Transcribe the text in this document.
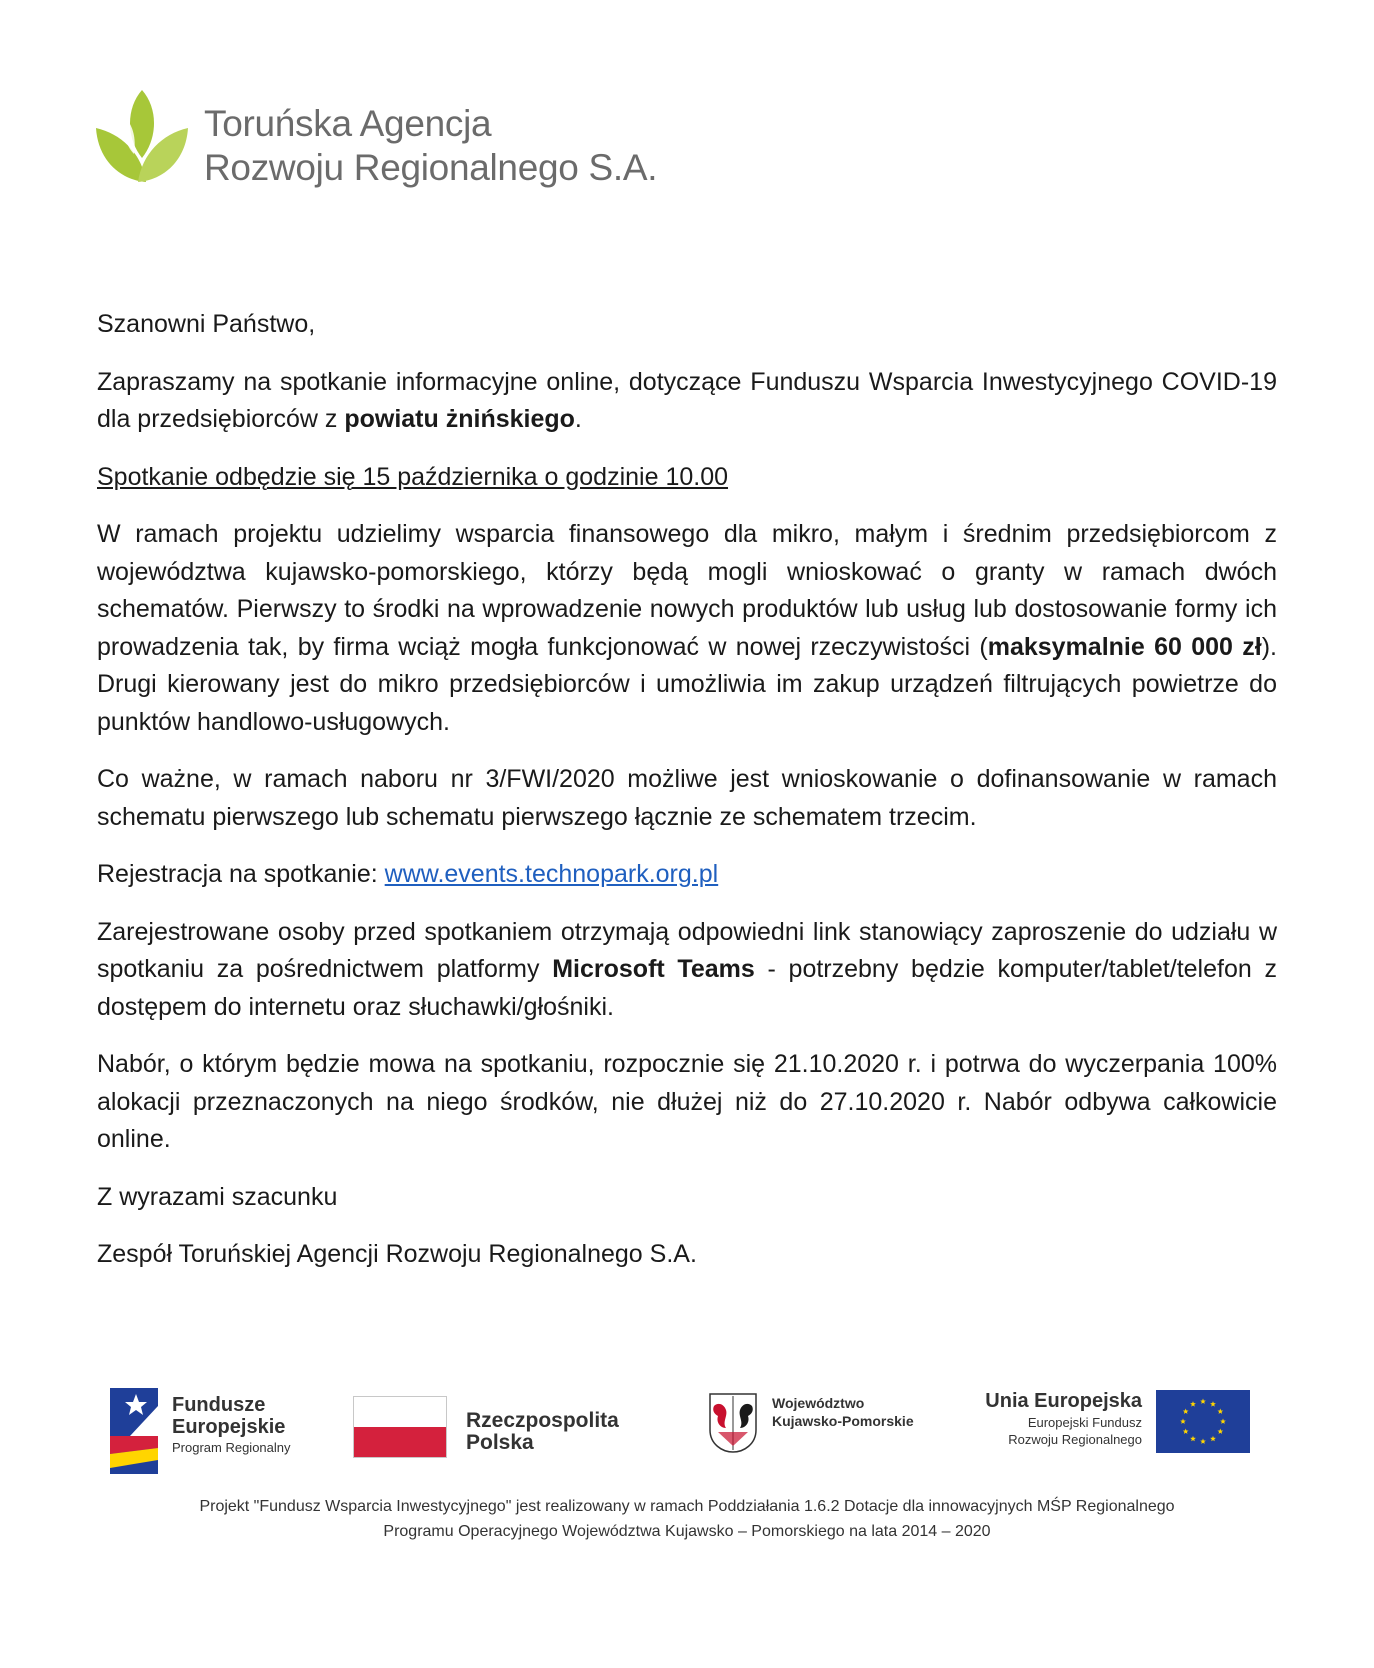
Toruńska Agencja
Rozwoju Regionalnego S.A.

Szanowni Państwo,

Zapraszamy na spotkanie informacyjne online, dotyczące Funduszu Wsparcia Inwestycyjnego COVID-19 dla przedsiębiorców z powiatu żnińskiego.

Spotkanie odbędzie się 15 października o godzinie 10.00

W ramach projektu udzielimy wsparcia finansowego dla mikro, małym i średnim przedsiębiorcom z województwa kujawsko-pomorskiego, którzy będą mogli wnioskować o granty w ramach dwóch schematów. Pierwszy to środki na wprowadzenie nowych produktów lub usług lub dostosowanie formy ich prowadzenia tak, by firma wciąż mogła funkcjonować w nowej rzeczywistości (maksymalnie 60 000 zł). Drugi kierowany jest do mikro przedsiębiorców i umożliwia im zakup urządzeń filtrujących powietrze do punktów handlowo-usługowych.

Co ważne, w ramach naboru nr 3/FWI/2020 możliwe jest wnioskowanie o dofinansowanie w ramach schematu pierwszego lub schematu pierwszego łącznie ze schematem trzecim.

Rejestracja na spotkanie: www.events.technopark.org.pl

Zarejestrowane osoby przed spotkaniem otrzymają odpowiedni link stanowiący zaproszenie do udziału w spotkaniu za pośrednictwem platformy Microsoft Teams - potrzebny będzie komputer/tablet/telefon z dostępem do internetu oraz słuchawki/głośniki.

Nabór, o którym będzie mowa na spotkaniu, rozpocznie się 21.10.2020 r. i potrwa do wyczerpania 100% alokacji przeznaczonych na niego środków, nie dłużej niż do 27.10.2020 r. Nabór odbywa całkowicie online.

Z wyrazami szacunku

Zespół Toruńskiej Agencji Rozwoju Regionalnego S.A.

Fundusze
Europejskie
Program Regionalny
Rzeczpospolita
Polska
Województwo
Kujawsko-Pomorskie
Unia Europejska
Europejski Fundusz
Rozwoju Regionalnego
Projekt "Fundusz Wsparcia Inwestycyjnego" jest realizowany w ramach Poddziałania 1.6.2 Dotacje dla innowacyjnych MŚP Regionalnego
Programu Operacyjnego Województwa Kujawsko – Pomorskiego na lata 2014 – 2020
